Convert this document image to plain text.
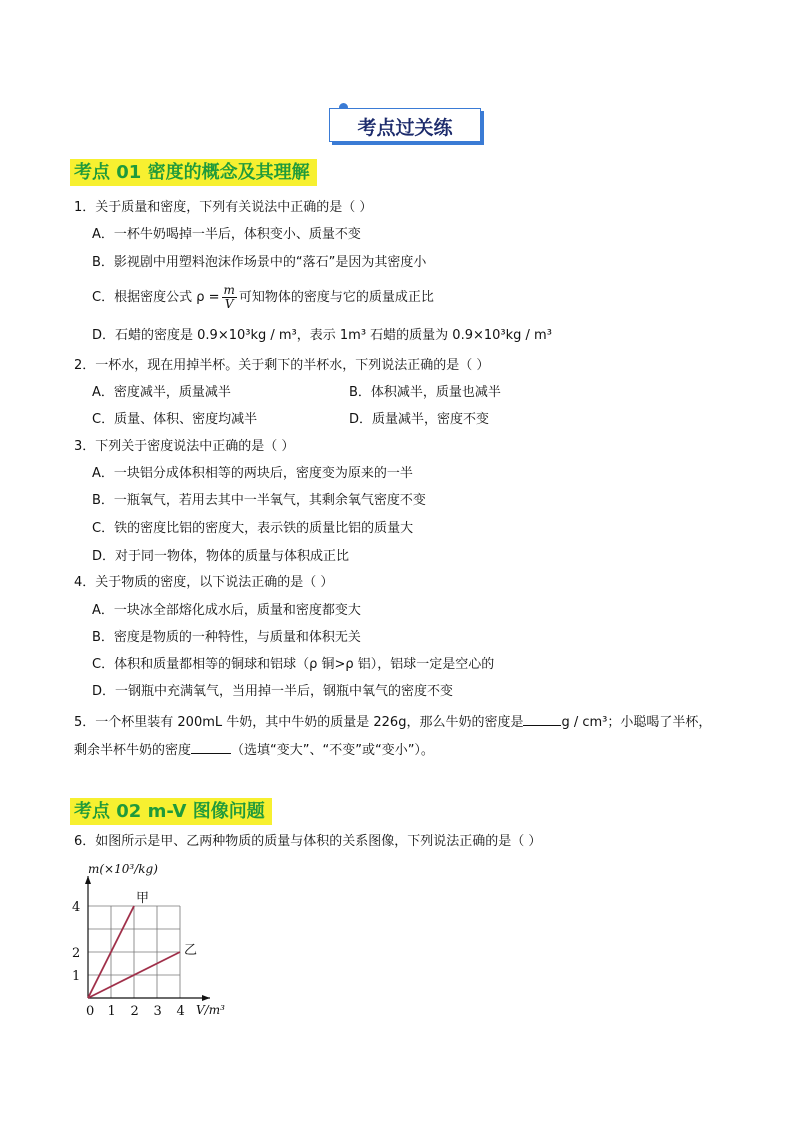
考点过关练
考点 01 密度的概念及其理解
1．关于质量和密度，下列有关说法中正确的是（ ）
A．一杯牛奶喝掉一半后，体积变小、质量不变
B．影视剧中用塑料泡沫作场景中的“落石”是因为其密度小
C．根据密度公式 $\rho = \frac{m}{V}$ 可知物体的密度与它的质量成正比
D．石蜡的密度是 0.9×10³kg / m³，表示 1m³ 石蜡的质量为 0.9×10³kg / m³
2．一杯水，现在用掉半杯。关于剩下的半杯水，下列说法正确的是（ ）
A．密度减半，质量减半	B．体积减半，质量也减半
C．质量、体积、密度均减半	D．质量减半，密度不变
3．下列关于密度说法中正确的是（ ）
A．一块铝分成体积相等的两块后，密度变为原来的一半
B．一瓶氧气，若用去其中一半氧气，其剩余氧气密度不变
C．铁的密度比铝的密度大，表示铁的质量比铝的质量大
D．对于同一物体，物体的质量与体积成正比
4．关于物质的密度，以下说法正确的是（ ）
A．一块冰全部熔化成水后，质量和密度都变大
B．密度是物质的一种特性，与质量和体积无关
C．体积和质量都相等的铜球和铝球（ρ 铜>ρ 铝），铝球一定是空心的
D．一钢瓶中充满氧气，当用掉一半后，钢瓶中氧气的密度不变
5．一个杯里装有 200mL 牛奶，其中牛奶的质量是 226g，那么牛奶的密度是	g / cm³；小聪喝了半杯，
剩余半杯牛奶的密度	（选填“变大”、“不变”或“变小”）。
考点 02 m-V 图像问题
6．如图所示是甲、乙两种物质的质量与体积的关系图像，下列说法正确的是（ ）
m(×10³/kg)
V/m³
0 1 2 3 4
1
2
4
甲
乙
